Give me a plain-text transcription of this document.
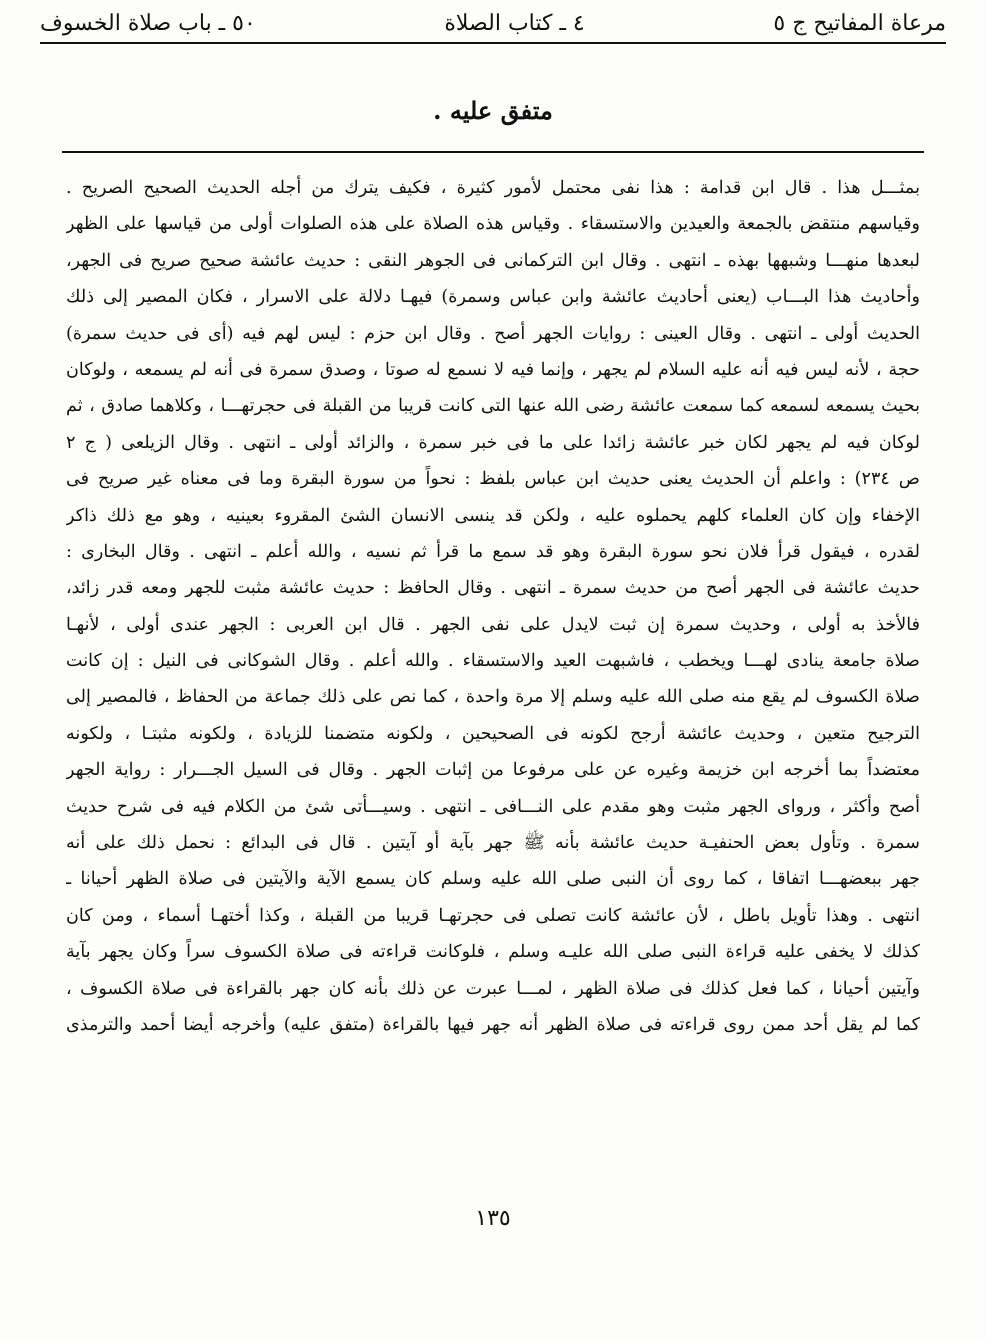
مرعاة المفاتيح ج ٥
٤ ـ كتاب الصلاة
٥٠ ـ باب صلاة الخسوف
متفق عليه .
بمثـــل هذا . قال ابن قدامة : هذا نفى محتمل لأمور كثيرة ، فكيف يترك من أجله الحديث الصحيح الصريح .
وقياسهم منتقض بالجمعة والعيدين والاستسقاء . وقياس هذه الصلاة على هذه الصلوات أولى من قياسها على الظهر
لبعدها منهـــا وشبهها بهذه ـ انتهى . وقال ابن التركمانى فى الجوهر النقى : حديث عائشة صحيح صريح فى الجهر،
وأحاديث هذا البـــاب (يعنى أحاديث عائشة وابن عباس وسمرة) فيهـا دلالة على الاسرار ، فكان المصير إلى ذلك
الحديث أولى ـ انتهى . وقال العينى : روايات الجهر أصح . وقال ابن حزم : ليس لهم فيه (أى فى حديث سمرة)
حجة ، لأنه ليس فيه أنه عليه السلام لم يجهر ، وإنما فيه لا نسمع له صوتا ، وصدق سمرة فى أنه لم يسمعه ، ولوكان
بحيث يسمعه لسمعه كما سمعت عائشة رضى الله عنها التى كانت قريبا من القبلة فى حجرتهـــا ، وكلاهما صادق ، ثم
لوكان فيه لم يجهر لكان خبر عائشة زائدا على ما فى خبر سمرة ، والزائد أولى ـ انتهى . وقال الزيلعى ( ج ٢
ص ٢٣٤) : واعلم أن الحديث يعنى حديث ابن عباس بلفظ : نحواً من سورة البقرة وما فى معناه غير صريح فى
الإخفاء وإن كان العلماء كلهم يحملوه عليه ، ولكن قد ينسى الانسان الشئ المقروء بعينيه ، وهو مع ذلك ذاكر
لقدره ، فيقول قرأ فلان نحو سورة البقرة وهو قد سمع ما قرأ ثم نسيه ، والله أعلم ـ انتهى . وقال البخارى :
حديث عائشة فى الجهر أصح من حديث سمرة ـ انتهى . وقال الحافظ : حديث عائشة مثبت للجهر ومعه قدر زائد،
فالأخذ به أولى ، وحديث سمرة إن ثبت لايدل على نفى الجهر . قال ابن العربى : الجهر عندى أولى ، لأنهـا
صلاة جامعة ينادى لهـــا ويخطب ، فاشبهت العيد والاستسقاء . والله أعلم . وقال الشوكانى فى النيل : إن كانت
صلاة الكسوف لم يقع منه صلى الله عليه وسلم إلا مرة واحدة ، كما نص على ذلك جماعة من الحفاظ ، فالمصير إلى
الترجيح متعين ، وحديث عائشة أرجح لكونه فى الصحيحين ، ولكونه متضمنا للزيادة ، ولكونه مثبتـا ، ولكونه
معتضداً بما أخرجه ابن خزيمة وغيره عن على مرفوعا من إثبات الجهر . وقال فى السيل الجـــرار : رواية الجهر
أصح وأكثر ، ورواى الجهر مثبت وهو مقدم على النـــافى ـ انتهى . وسيـــأتى شئ من الكلام فيه فى شرح حديث
سمرة . وتأول بعض الحنفيـة حديث عائشة بأنه ﷺ جهر بآية أو آيتين . قال فى البدائع : نحمل ذلك على أنه
جهر ببعضهـــا اتفاقا ، كما روى أن النبى صلى الله عليه وسلم كان يسمع الآية والآيتين فى صلاة الظهر أحيانا ـ
انتهى . وهذا تأويل باطل ، لأن عائشة كانت تصلى فى حجرتهـا قريبا من القبلة ، وكذا أختهـا أسماء ، ومن كان
كذلك لا يخفى عليه قراءة النبى صلى الله عليـه وسلم ، فلوكانت قراءته فى صلاة الكسوف سراً وكان يجهر بآية
وآيتين أحيانا ، كما فعل كذلك فى صلاة الظهر ، لمـــا عبرت عن ذلك بأنه كان جهر بالقراءة فى صلاة الكسوف ،
كما لم يقل أحد ممن روى قراءته فى صلاة الظهر أنه جهر فيها بالقراءة (متفق عليه) وأخرجه أيضا أحمد والترمذى
١٣٥
